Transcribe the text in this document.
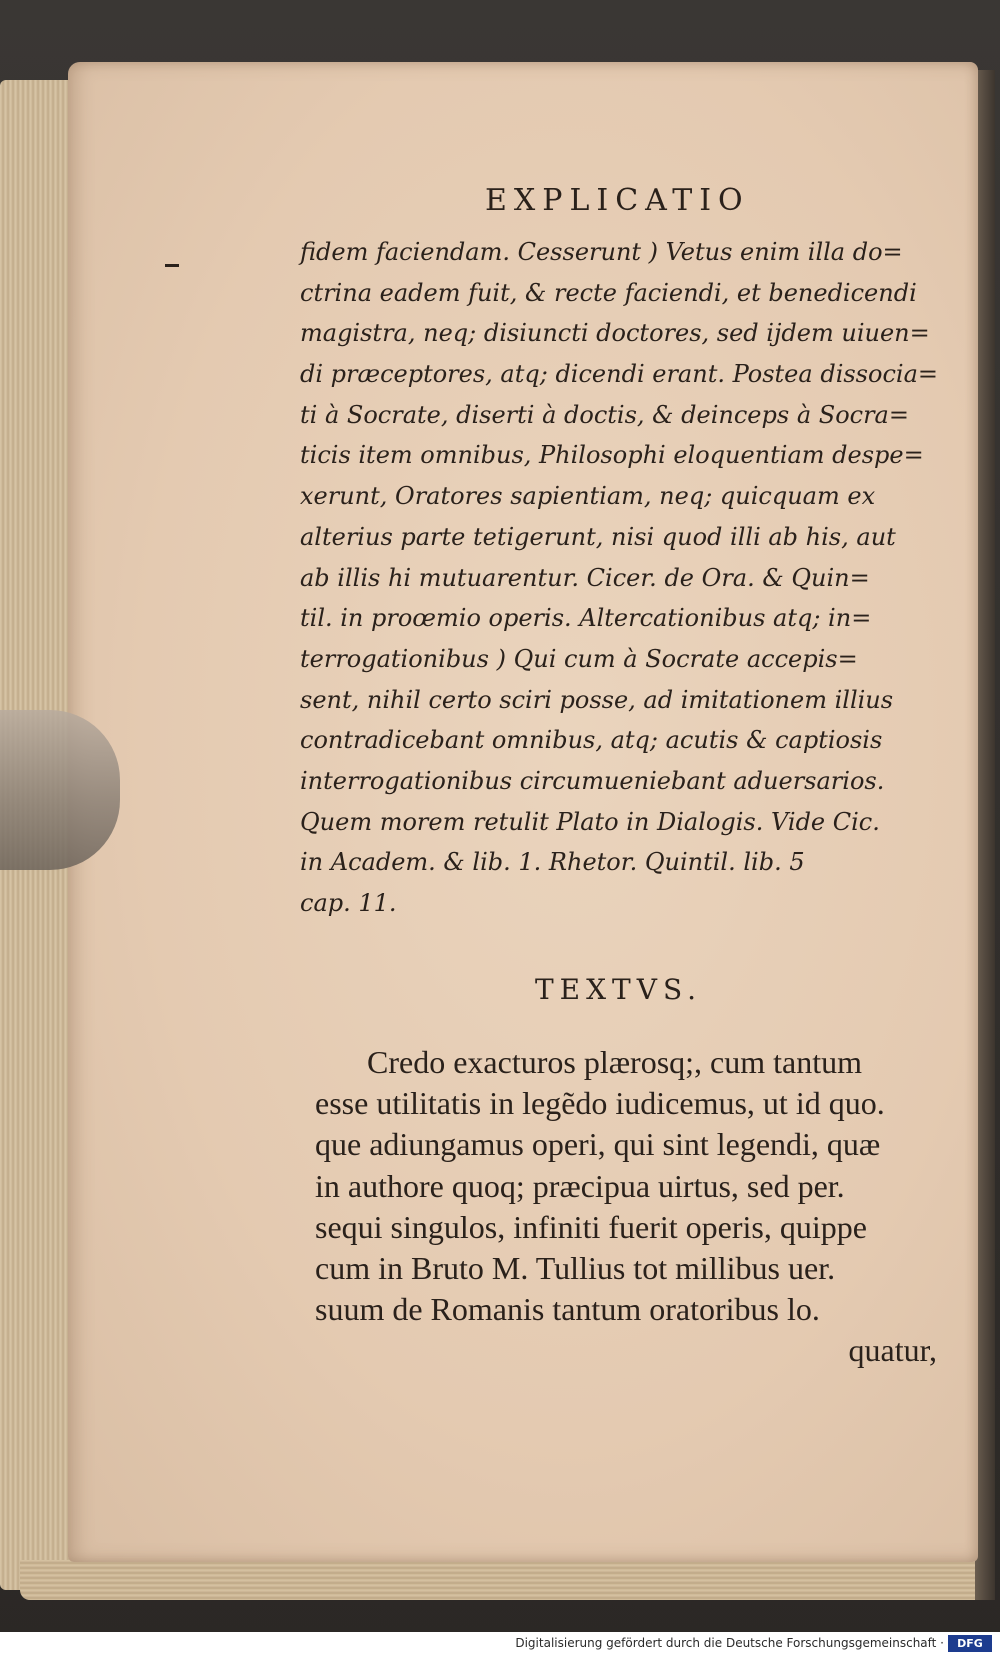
EXPLICATIO
fidem faciendam. Cesserunt ) Vetus enim illa do=
ctrina eadem fuit, & recte faciendi, et benedicendi
magistra, neq; disiuncti doctores, sed ijdem uiuen=
di præceptores, atq; dicendi erant. Postea dissocia=
ti à Socrate, diserti à doctis, & deinceps à Socra=
ticis item omnibus, Philosophi eloquentiam despe=
xerunt, Oratores sapientiam, neq; quicquam ex
alterius parte tetigerunt, nisi quod illi ab his, aut
ab illis hi mutuarentur. Cicer. de Ora. & Quin=
til. in proœmio operis. Altercationibus atq; in=
terrogationibus ) Qui cum à Socrate accepis=
sent, nihil certo sciri posse, ad imitationem illius
contradicebant omnibus, atq; acutis & captiosis
interrogationibus circumueniebant aduersarios.
Quem morem retulit Plato in Dialogis. Vide Cic.
in Academ. & lib. 1. Rhetor. Quintil. lib. 5
cap. 11.
TEXTVS.
Credo exacturos plærosq;, cum tantum
esse utilitatis in legẽdo iudicemus, ut id quo.
que adiungamus operi, qui sint legendi, quæ
in authore quoq; præcipua uirtus, sed per.
sequi singulos, infiniti fuerit operis, quippe
cum in Bruto M. Tullius tot millibus uer.
suum de Romanis tantum oratoribus lo.
quatur,
Digitalisierung gefördert durch die Deutsche Forschungsgemeinschaft ·	DFG
